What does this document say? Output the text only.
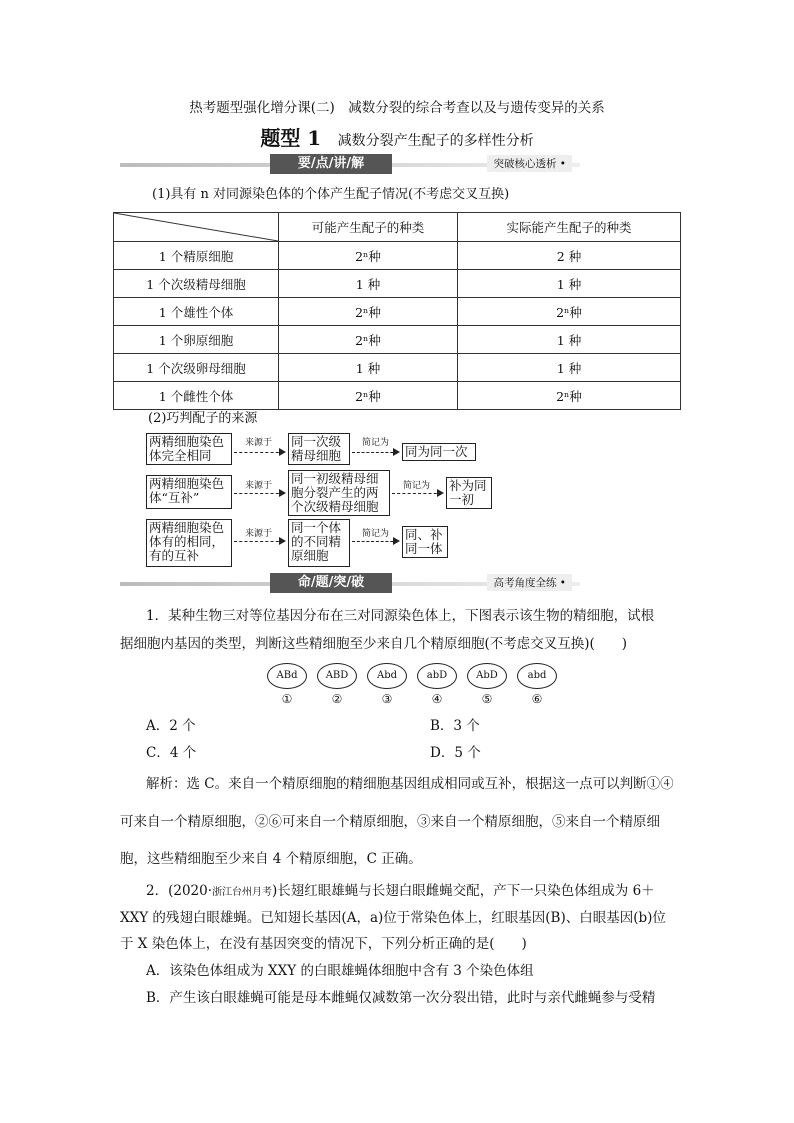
热考题型强化增分课(二)　减数分裂的综合考查以及与遗传变异的关系
题型 1 减数分裂产生配子的多样性分析
要/点/讲/解	突破核心透析 •
(1)具有 n 对同源染色体的个体产生配子情况(不考虑交叉互换)
	可能产生配子的种类	实际能产生配子的种类
1 个精原细胞	2ⁿ种	2 种
1 个次级精母细胞	1 种	1 种
1 个雄性个体	2ⁿ种	2ⁿ种
1 个卵原细胞	2ⁿ种	1 种
1 个次级卵母细胞	1 种	1 种
1 个雌性个体	2ⁿ种	2ⁿ种
(2)巧判配子的来源
两精细胞染色体完全相同
来源于 同一次级精母细胞
简记为
同为同一次
两精细胞染色体“互补”
来源于 同一初级精母细胞分裂产生的两个次级精母细胞
简记为 补为同一初
两精细胞染色体有的相同，有的互补
来源于 同一个体的不同精原细胞
简记为 同、补同一体
命/题/突/破	高考角度全练 •
1．某种生物三对等位基因分布在三对同源染色体上，下图表示该生物的精细胞，试根
据细胞内基因的类型，判断这些精细胞至少来自几个精原细胞(不考虑交叉互换)(　　)
ABd	ABD	Abd	abD	AbD	abd
①	②	③	④	⑤	⑥
A．2 个	B．3 个
C．4 个	D．5 个
解析：选 C。来自一个精原细胞的精细胞基因组成相同或互补，根据这一点可以判断①④
可来自一个精原细胞，②⑥可来自一个精原细胞，③来自一个精原细胞，⑤来自一个精原细
胞，这些精细胞至少来自 4 个精原细胞，C 正确。
2．(2020·浙江台州月考)长翅红眼雄蝇与长翅白眼雌蝇交配，产下一只染色体组成为 6＋
XXY 的残翅白眼雄蝇。已知翅长基因(A，a)位于常染色体上，红眼基因(B)、白眼基因(b)位
于 X 染色体上，在没有基因突变的情况下，下列分析正确的是(　　)
A．该染色体组成为 XXY 的白眼雄蝇体细胞中含有 3 个染色体组
B．产生该白眼雄蝇可能是母本雌蝇仅减数第一次分裂出错，此时与亲代雌蝇参与受精
